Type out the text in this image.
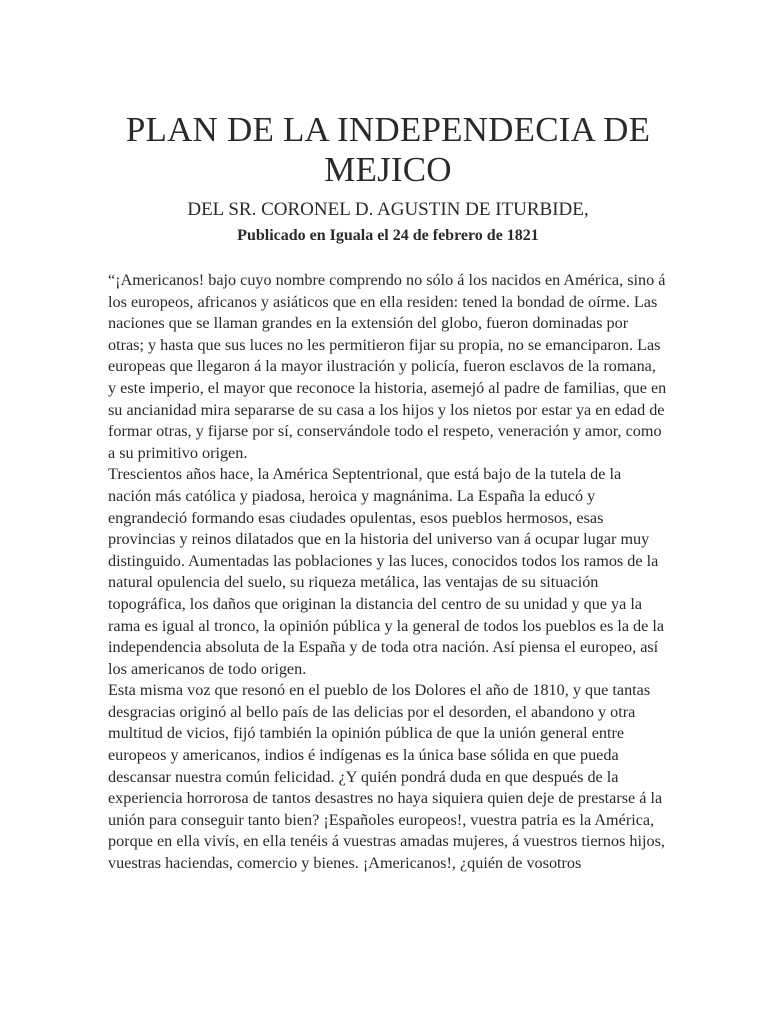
PLAN DE LA INDEPENDECIA DE MEJICO
DEL SR. CORONEL D. AGUSTIN DE ITURBIDE,
Publicado en Iguala el 24 de febrero de 1821

“¡Americanos! bajo cuyo nombre comprendo no sólo á los nacidos en América, sino á los europeos, africanos y asiáticos que en ella residen: tened la bondad de oírme. Las naciones que se llaman grandes en la extensión del globo, fueron dominadas por otras; y hasta que sus luces no les permitieron fijar su propia, no se emanciparon. Las europeas que llegaron á la mayor ilustración y policía, fueron esclavos de la romana, y este imperio, el mayor que reconoce la historia, asemejó al padre de familias, que en su ancianidad mira separarse de su casa a los hijos y los nietos por estar ya en edad de formar otras, y fijarse por sí, conservándole todo el respeto, veneración y amor, como a su primitivo origen.

Trescientos años hace, la América Septentrional, que está bajo de la tutela de la nación más católica y piadosa, heroica y magnánima. La España la educó y engrandeció formando esas ciudades opulentas, esos pueblos hermosos, esas provincias y reinos dilatados que en la historia del universo van á ocupar lugar muy distinguido. Aumentadas las poblaciones y las luces, conocidos todos los ramos de la natural opulencia del suelo, su riqueza metálica, las ventajas de su situación topográfica, los daños que originan la distancia del centro de su unidad y que ya la rama es igual al tronco, la opinión pública y la general de todos los pueblos es la de la independencia absoluta de la España y de toda otra nación. Así piensa el europeo, así los americanos de todo origen.

Esta misma voz que resonó en el pueblo de los Dolores el año de 1810, y que tantas desgracias originó al bello país de las delicias por el desorden, el abandono y otra multitud de vicios, fijó también la opinión pública de que la unión general entre europeos y americanos, indios é indígenas es la única base sólida en que pueda descansar nuestra común felicidad. ¿Y quién pondrá duda en que después de la experiencia horrorosa de tantos desastres no haya siquiera quien deje de prestarse á la unión para conseguir tanto bien? ¡Españoles europeos!, vuestra patria es la América, porque en ella vivís, en ella tenéis á vuestras amadas mujeres, á vuestros tiernos hijos, vuestras haciendas, comercio y bienes. ¡Americanos!, ¿quién de vosotros
